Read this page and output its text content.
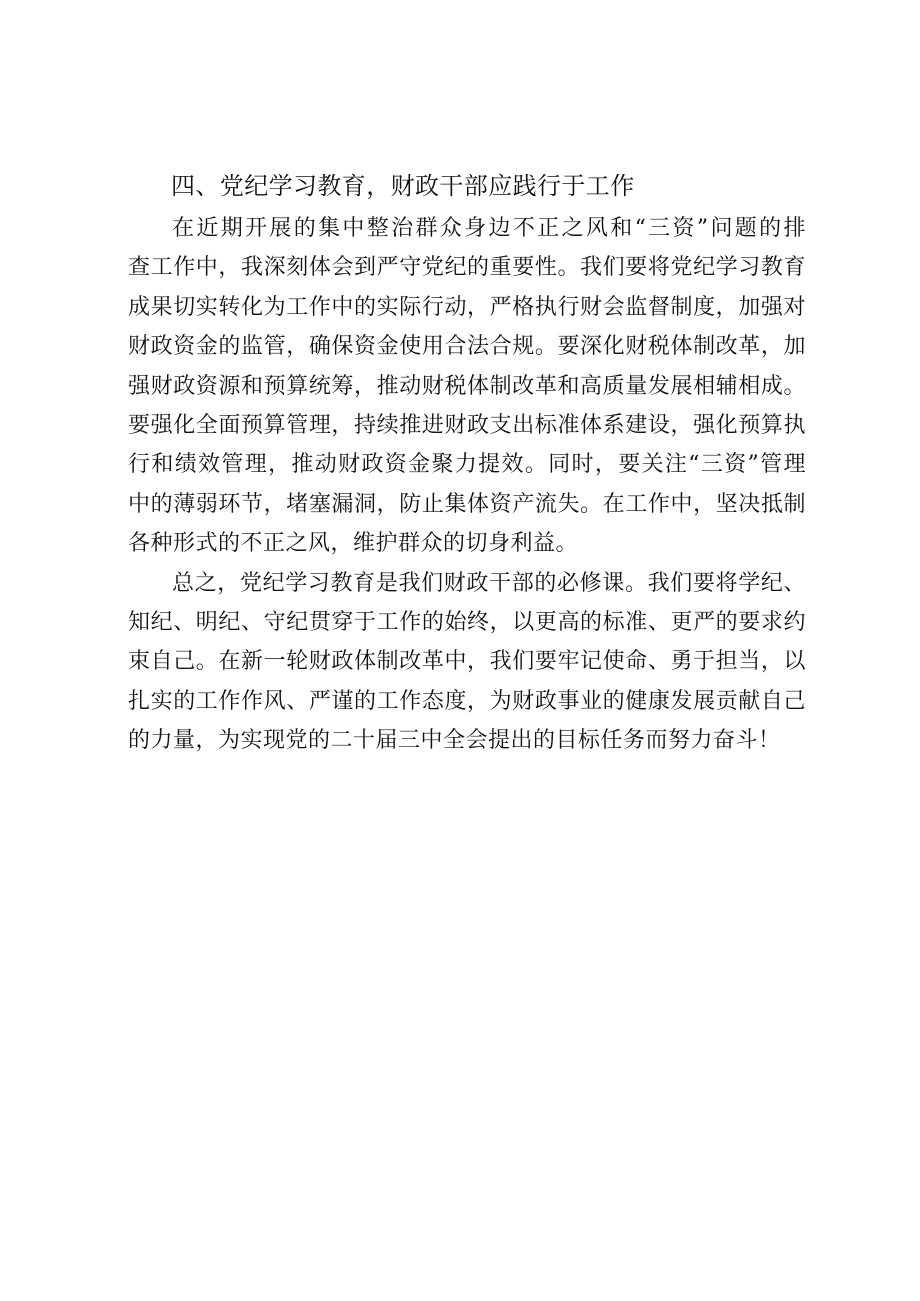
四、党纪学习教育，财政干部应践行于工作

在近期开展的集中整治群众身边不正之风和“三资”问题的排
查工作中，我深刻体会到严守党纪的重要性。我们要将党纪学习教育
成果切实转化为工作中的实际行动，严格执行财会监督制度，加强对
财政资金的监管，确保资金使用合法合规。要深化财税体制改革，加
强财政资源和预算统筹，推动财税体制改革和高质量发展相辅相成。
要强化全面预算管理，持续推进财政支出标准体系建设，强化预算执
行和绩效管理，推动财政资金聚力提效。同时，要关注“三资”管理
中的薄弱环节，堵塞漏洞，防止集体资产流失。在工作中，坚决抵制
各种形式的不正之风，维护群众的切身利益。

总之，党纪学习教育是我们财政干部的必修课。我们要将学纪、
知纪、明纪、守纪贯穿于工作的始终，以更高的标准、更严的要求约
束自己。在新一轮财政体制改革中，我们要牢记使命、勇于担当，以
扎实的工作作风、严谨的工作态度，为财政事业的健康发展贡献自己
的力量，为实现党的二十届三中全会提出的目标任务而努力奋斗！
